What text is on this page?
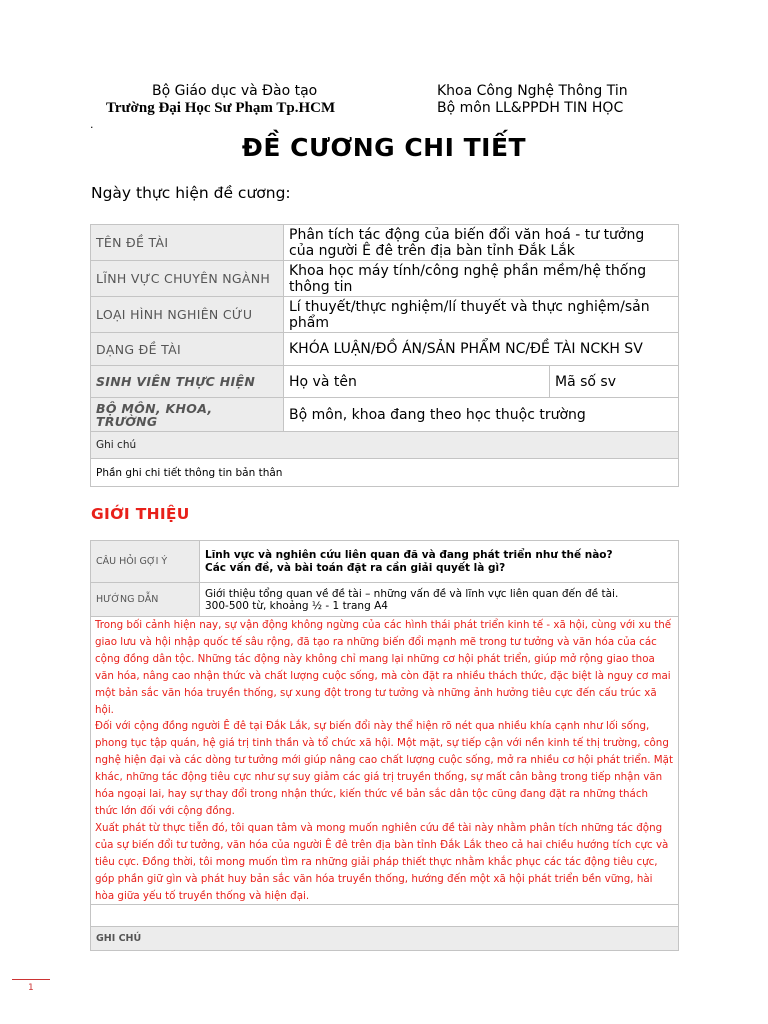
Bộ Giáo dục và Đào tạo
Trường Đại Học Sư Phạm Tp.HCM
Khoa Công Nghệ Thông Tin
Bộ môn LL&PPDH TIN HỌC
.
ĐỀ CƯƠNG CHI TIẾT
Ngày thực hiện đề cương:
TÊN ĐỀ TÀI	Phân tích tác động của biến đổi văn hoá - tư tưởng của người Ê đê trên địa bàn tỉnh Đắk Lắk	
LĨNH VỰC CHUYÊN NGÀNH	Khoa học máy tính/công nghệ phần mềm/hệ thống thông tin	
LOẠI HÌNH NGHIÊN CỨU	Lí thuyết/thực nghiệm/lí thuyết và thực nghiệm/sản phẩm	
DẠNG ĐỀ TÀI	KHÓA LUẬN/ĐỒ ÁN/SẢN PHẨM NC/ĐỀ TÀI NCKH SV	
SINH VIÊN THỰC HIỆN	Họ và tên	Mã số sv
BỘ MÔN, KHOA, TRƯỜNG	Bộ môn, khoa đang theo học thuộc trường	
Ghi chú		
Phần ghi chi tiết thông tin bản thân		
GIỚI THIỆU
CÂU HỎI GỢI Ý	Lĩnh vực và nghiên cứu liên quan đã và đang phát triển như thế nào?
Các vấn đề, và bài toán đặt ra cần giải quyết là gì?

HƯỚNG DẪN	Giới thiệu tổng quan về đề tài – những vấn đề và lĩnh vực liên quan đến đề tài.
300-500 từ, khoảng ½ - 1 trang A4

Trong bối cảnh hiện nay, sự vận động không ngừng của các hình thái phát triển kinh tế - xã hội, cùng với xu thế giao lưu và hội nhập quốc tế sâu rộng, đã tạo ra những biến đổi mạnh mẽ trong tư tưởng và văn hóa của các cộng đồng dân tộc. Những tác động này không chỉ mang lại những cơ hội phát triển, giúp mở rộng giao thoa văn hóa, nâng cao nhận thức và chất lượng cuộc sống, mà còn đặt ra nhiều thách thức, đặc biệt là nguy cơ mai một bản sắc văn hóa truyền thống, sự xung đột trong tư tưởng và những ảnh hưởng tiêu cực đến cấu trúc xã hội.

Đối với cộng đồng người Ê đê tại Đắk Lắk, sự biến đổi này thể hiện rõ nét qua nhiều khía cạnh như lối sống, phong tục tập quán, hệ giá trị tinh thần và tổ chức xã hội. Một mặt, sự tiếp cận với nền kinh tế thị trường, công nghệ hiện đại và các dòng tư tưởng mới giúp nâng cao chất lượng cuộc sống, mở ra nhiều cơ hội phát triển. Mặt khác, những tác động tiêu cực như sự suy giảm các giá trị truyền thống, sự mất cân bằng trong tiếp nhận văn hóa ngoại lai, hay sự thay đổi trong nhận thức, kiến thức về bản sắc dân tộc cũng đang đặt ra những thách thức lớn đối với cộng đồng.

Xuất phát từ thực tiễn đó, tôi quan tâm và mong muốn nghiên cứu đề tài này nhằm phân tích những tác động của sự biến đổi tư tưởng, văn hóa của người Ê đê trên địa bàn tỉnh Đắk Lắk theo cả hai chiều hướng tích cực và tiêu cực. Đồng thời, tôi mong muốn tìm ra những giải pháp thiết thực nhằm khắc phục các tác động tiêu cực, góp phần giữ gìn và phát huy bản sắc văn hóa truyền thống, hướng đến một xã hội phát triển bền vững, hài hòa giữa yếu tố truyền thống và hiện đại.	

GHI CHÚ	
1
